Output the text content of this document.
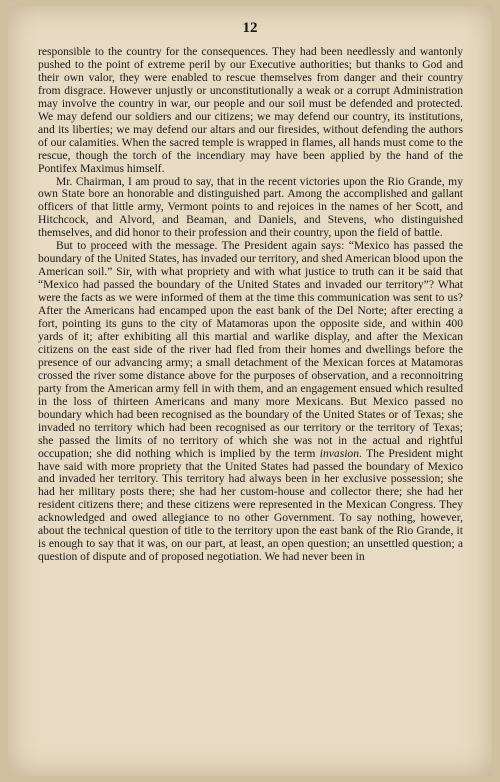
12

responsible to the country for the consequences. They had been needlessly and wantonly pushed to the point of extreme peril by our Executive authorities; but thanks to God and their own valor, they were enabled to rescue themselves from danger and their country from disgrace. However unjustly or unconstitutionally a weak or a corrupt Administration may involve the country in war, our people and our soil must be defended and protected. We may defend our soldiers and our citizens; we may defend our country, its institutions, and its liberties; we may defend our altars and our firesides, without defending the authors of our calamities. When the sacred temple is wrapped in flames, all hands must come to the rescue, though the torch of the incendiary may have been applied by the hand of the Pontifex Maximus himself.

Mr. Chairman, I am proud to say, that in the recent victories upon the Rio Grande, my own State bore an honorable and distinguished part. Among the accomplished and gallant officers of that little army, Vermont points to and rejoices in the names of her Scott, and Hitchcock, and Alvord, and Beaman, and Daniels, and Stevens, who distinguished themselves, and did honor to their profession and their country, upon the field of battle.

But to proceed with the message. The President again says: “Mexico has passed the boundary of the United States, has invaded our territory, and shed American blood upon the American soil.” Sir, with what propriety and with what justice to truth can it be said that “Mexico had passed the boundary of the United States and invaded our territory”? What were the facts as we were informed of them at the time this communication was sent to us? After the Americans had encamped upon the east bank of the Del Norte; after erecting a fort, pointing its guns to the city of Matamoras upon the opposite side, and within 400 yards of it; after exhibiting all this martial and warlike display, and after the Mexican citizens on the east side of the river had fled from their homes and dwellings before the presence of our advancing army; a small detachment of the Mexican forces at Matamoras crossed the river some distance above for the purposes of observation, and a reconnoitring party from the American army fell in with them, and an engagement ensued which resulted in the loss of thirteen Americans and many more Mexicans. But Mexico passed no boundary which had been recognised as the boundary of the United States or of Texas; she invaded no territory which had been recognised as our territory or the territory of Texas; she passed the limits of no territory of which she was not in the actual and rightful occupation; she did nothing which is implied by the term invasion. The President might have said with more propriety that the United States had passed the boundary of Mexico and invaded her territory. This territory had always been in her exclusive possession; she had her military posts there; she had her custom-house and collector there; she had her resident citizens there; and these citizens were represented in the Mexican Congress. They acknowledged and owed allegiance to no other Government. To say nothing, however, about the technical question of title to the territory upon the east bank of the Rio Grande, it is enough to say that it was, on our part, at least, an open question; an unsettled question; a question of dispute and of proposed negotiation. We had never been in
